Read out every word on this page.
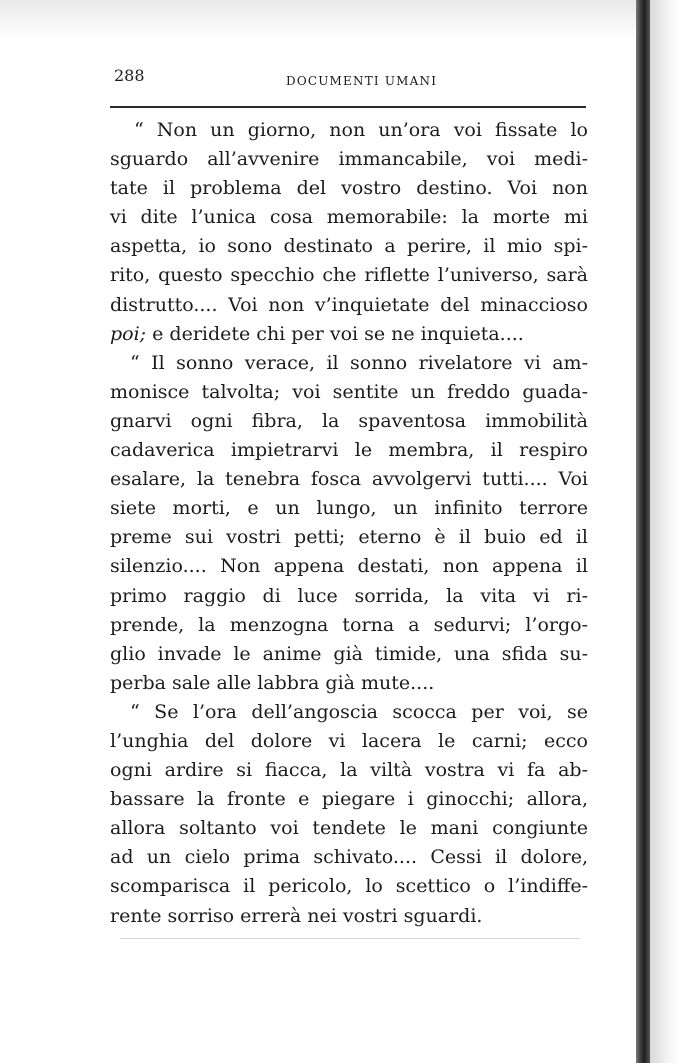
288	DOCUMENTI UMANI
“ Non un giorno, non un’ora voi fissate lo
sguardo all’avvenire immancabile, voi medi-
tate il problema del vostro destino. Voi non
vi dite l’unica cosa memorabile: la morte mi
aspetta, io sono destinato a perire, il mio spi-
rito, questo specchio che riflette l’universo, sarà
distrutto.... Voi non v’inquietate del minaccioso
poi; e deridete chi per voi se ne inquieta....
“ Il sonno verace, il sonno rivelatore vi am-
monisce talvolta; voi sentite un freddo guada-
gnarvi ogni fibra, la spaventosa immobilità
cadaverica impietrarvi le membra, il respiro
esalare, la tenebra fosca avvolgervi tutti.... Voi
siete morti, e un lungo, un infinito terrore
preme sui vostri petti; eterno è il buio ed il
silenzio.... Non appena destati, non appena il
primo raggio di luce sorrida, la vita vi ri-
prende, la menzogna torna a sedurvi; l’orgo-
glio invade le anime già timide, una sfida su-
perba sale alle labbra già mute....
“ Se l’ora dell’angoscia scocca per voi, se
l’unghia del dolore vi lacera le carni; ecco
ogni ardire si fiacca, la viltà vostra vi fa ab-
bassare la fronte e piegare i ginocchi; allora,
allora soltanto voi tendete le mani congiunte
ad un cielo prima schivato.... Cessi il dolore,
scomparisca il pericolo, lo scettico o l’indiffe-
rente sorriso errerà nei vostri sguardi.
